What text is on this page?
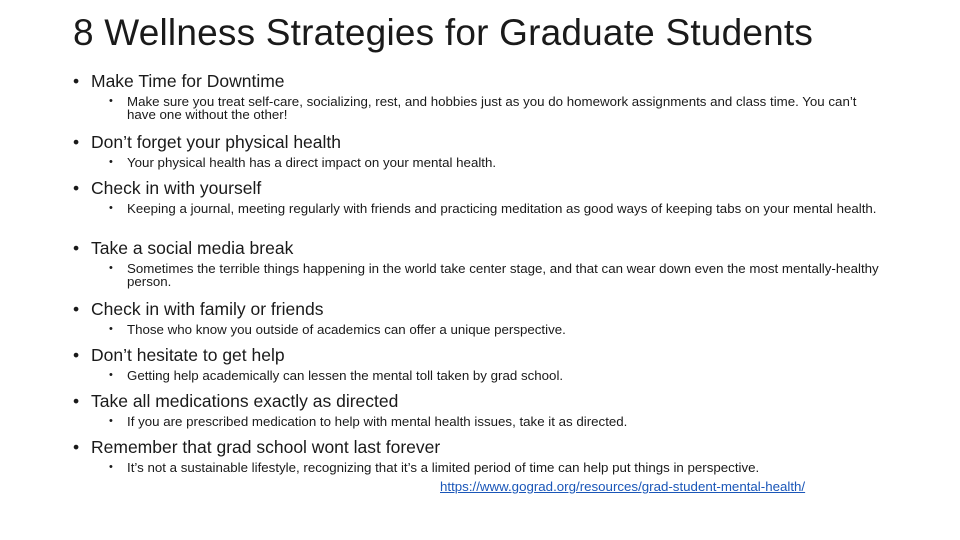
8 Wellness Strategies for Graduate Students
• Make Time for Downtime
• Make sure you treat self-care, socializing, rest, and hobbies just as you do homework assignments and class time. You can’t have one without the other!
• Don’t forget your physical health
• Your physical health has a direct impact on your mental health.
• Check in with yourself
• Keeping a journal, meeting regularly with friends and practicing meditation as good ways of keeping tabs on your mental health.
• Take a social media break
• Sometimes the terrible things happening in the world take center stage, and that can wear down even the most mentally-healthy person.
• Check in with family or friends
• Those who know you outside of academics can offer a unique perspective.
• Don’t hesitate to get help
• Getting help academically can lessen the mental toll taken by grad school.
• Take all medications exactly as directed
• If you are prescribed medication to help with mental health issues, take it as directed.
• Remember that grad school wont last forever
• It’s not a sustainable lifestyle, recognizing that it’s a limited period of time can help put things in perspective.
https://www.gograd.org/resources/grad-student-mental-health/
